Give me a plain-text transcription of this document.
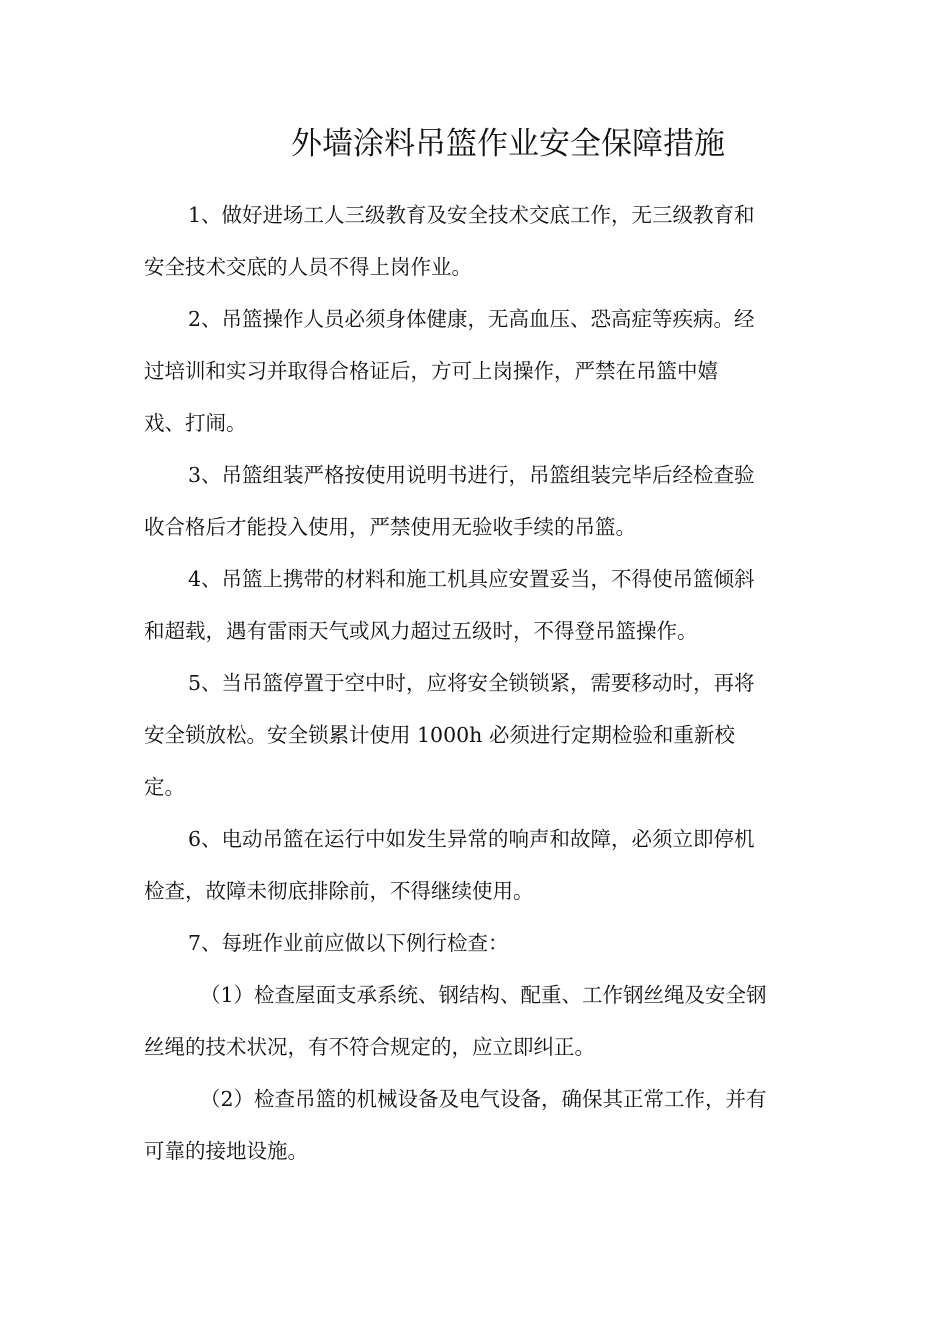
外墙涂料吊篮作业安全保障措施

1、做好进场工人三级教育及安全技术交底工作，无三级教育和
安全技术交底的人员不得上岗作业。

2、吊篮操作人员必须身体健康，无高血压、恐高症等疾病。经
过培训和实习并取得合格证后，方可上岗操作，严禁在吊篮中嬉
戏、打闹。

3、吊篮组装严格按使用说明书进行，吊篮组装完毕后经检查验
收合格后才能投入使用，严禁使用无验收手续的吊篮。

4、吊篮上携带的材料和施工机具应安置妥当，不得使吊篮倾斜
和超载，遇有雷雨天气或风力超过五级时，不得登吊篮操作。

5、当吊篮停置于空中时，应将安全锁锁紧，需要移动时，再将
安全锁放松。安全锁累计使用 1000h 必须进行定期检验和重新校
定。

6、电动吊篮在运行中如发生异常的响声和故障，必须立即停机
检查，故障未彻底排除前，不得继续使用。

7、每班作业前应做以下例行检查：

（1）检查屋面支承系统、钢结构、配重、工作钢丝绳及安全钢
丝绳的技术状况，有不符合规定的，应立即纠正。

（2）检查吊篮的机械设备及电气设备，确保其正常工作，并有
可靠的接地设施。
